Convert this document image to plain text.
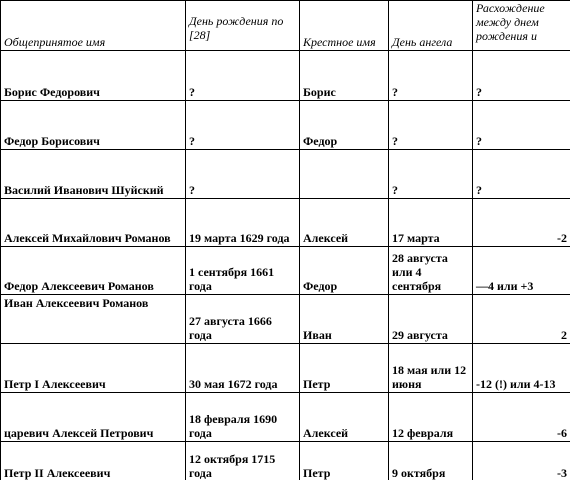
Общепринятое имя	День рождения по [28]	Крестное имя	День ангела	Расхождение между днем рождения и
Борис Федорович	?	Борис	?	?
Федор Борисович	?	Федор	?	?
Василий Иванович Шуйский	?		?	?
Алексей Михайлович Романов	19 марта 1629 года	Алексей	17 марта	-2
Федор Алексеевич Романов	1 сентября 1661 года	Федор	28 августа или 4 сентября	—4 или +3
Иван Алексеевич Романов	27 августа 1666 года	Иван	29 августа	2
Петр I Алексеевич	30 мая 1672 года	Петр	18 мая или 12 июня	-12 (!) или 4-13
царевич Алексей Петрович	18 февраля 1690 года	Алексей	12 февраля	-6
Петр II Алексеевич	12 октября 1715 года	Петр	9 октября	-3
